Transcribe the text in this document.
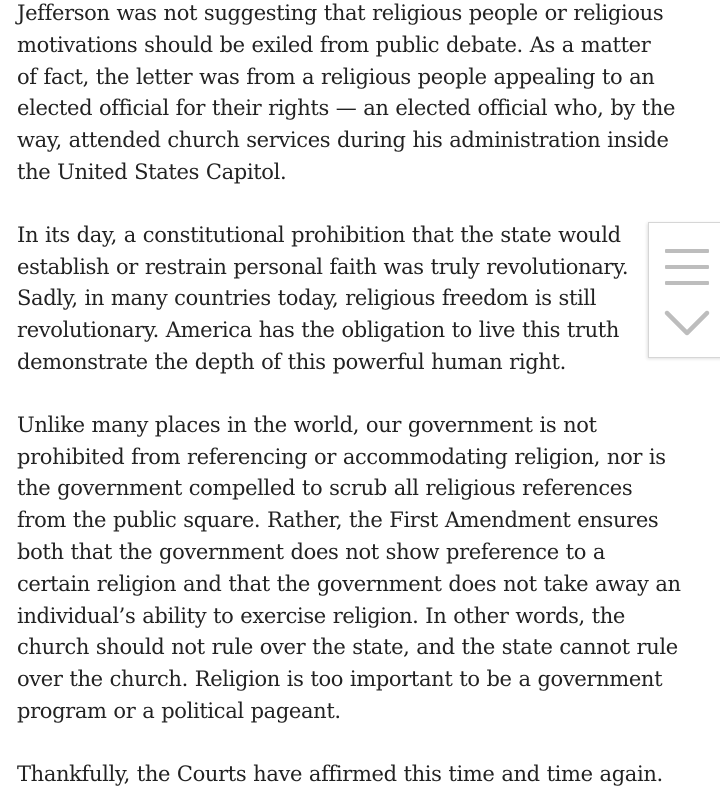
Jefferson was not suggesting that religious people or religious
motivations should be exiled from public debate. As a matter
of fact, the letter was from a religious people appealing to an
elected official for their rights — an elected official who, by the
way, attended church services during his administration inside
the United States Capitol.

In its day, a constitutional prohibition that the state would
establish or restrain personal faith was truly revolutionary.
Sadly, in many countries today, religious freedom is still
revolutionary. America has the obligation to live this truth
demonstrate the depth of this powerful human right.

Unlike many places in the world, our government is not
prohibited from referencing or accommodating religion, nor is
the government compelled to scrub all religious references
from the public square. Rather, the First Amendment ensures
both that the government does not show preference to a
certain religion and that the government does not take away an
individual’s ability to exercise religion. In other words, the
church should not rule over the state, and the state cannot rule
over the church. Religion is too important to be a government
program or a political pageant.

Thankfully, the Courts have affirmed this time and time again.
